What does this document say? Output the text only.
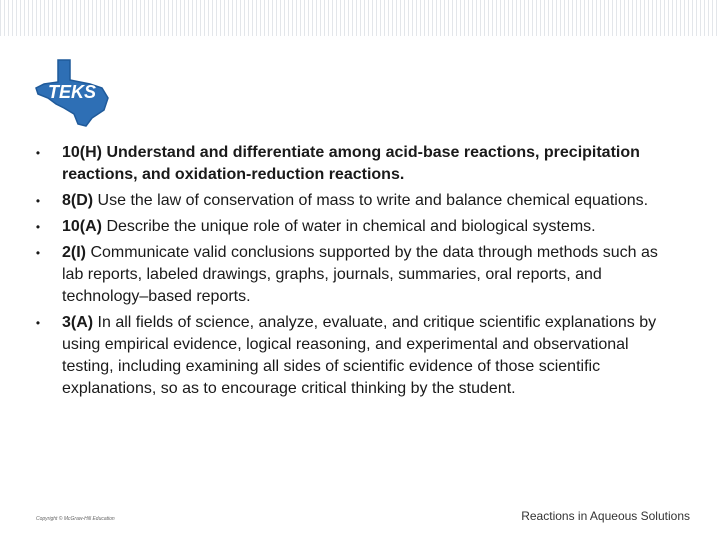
TEKS
• 10(H) Understand and differentiate among acid-base reactions, precipitation reactions, and oxidation-reduction reactions.
• 8(D) Use the law of conservation of mass to write and balance chemical equations.
• 10(A) Describe the unique role of water in chemical and biological systems.
• 2(I) Communicate valid conclusions supported by the data through methods such as lab reports, labeled drawings, graphs, journals, summaries, oral reports, and technology–based reports.
• 3(A) In all fields of science, analyze, evaluate, and critique scientific explanations by using empirical evidence, logical reasoning, and experimental and observational testing, including examining all sides of scientific evidence of those scientific explanations, so as to encourage critical thinking by the student.
Copyright © McGraw-Hill Education	Reactions in Aqueous Solutions
